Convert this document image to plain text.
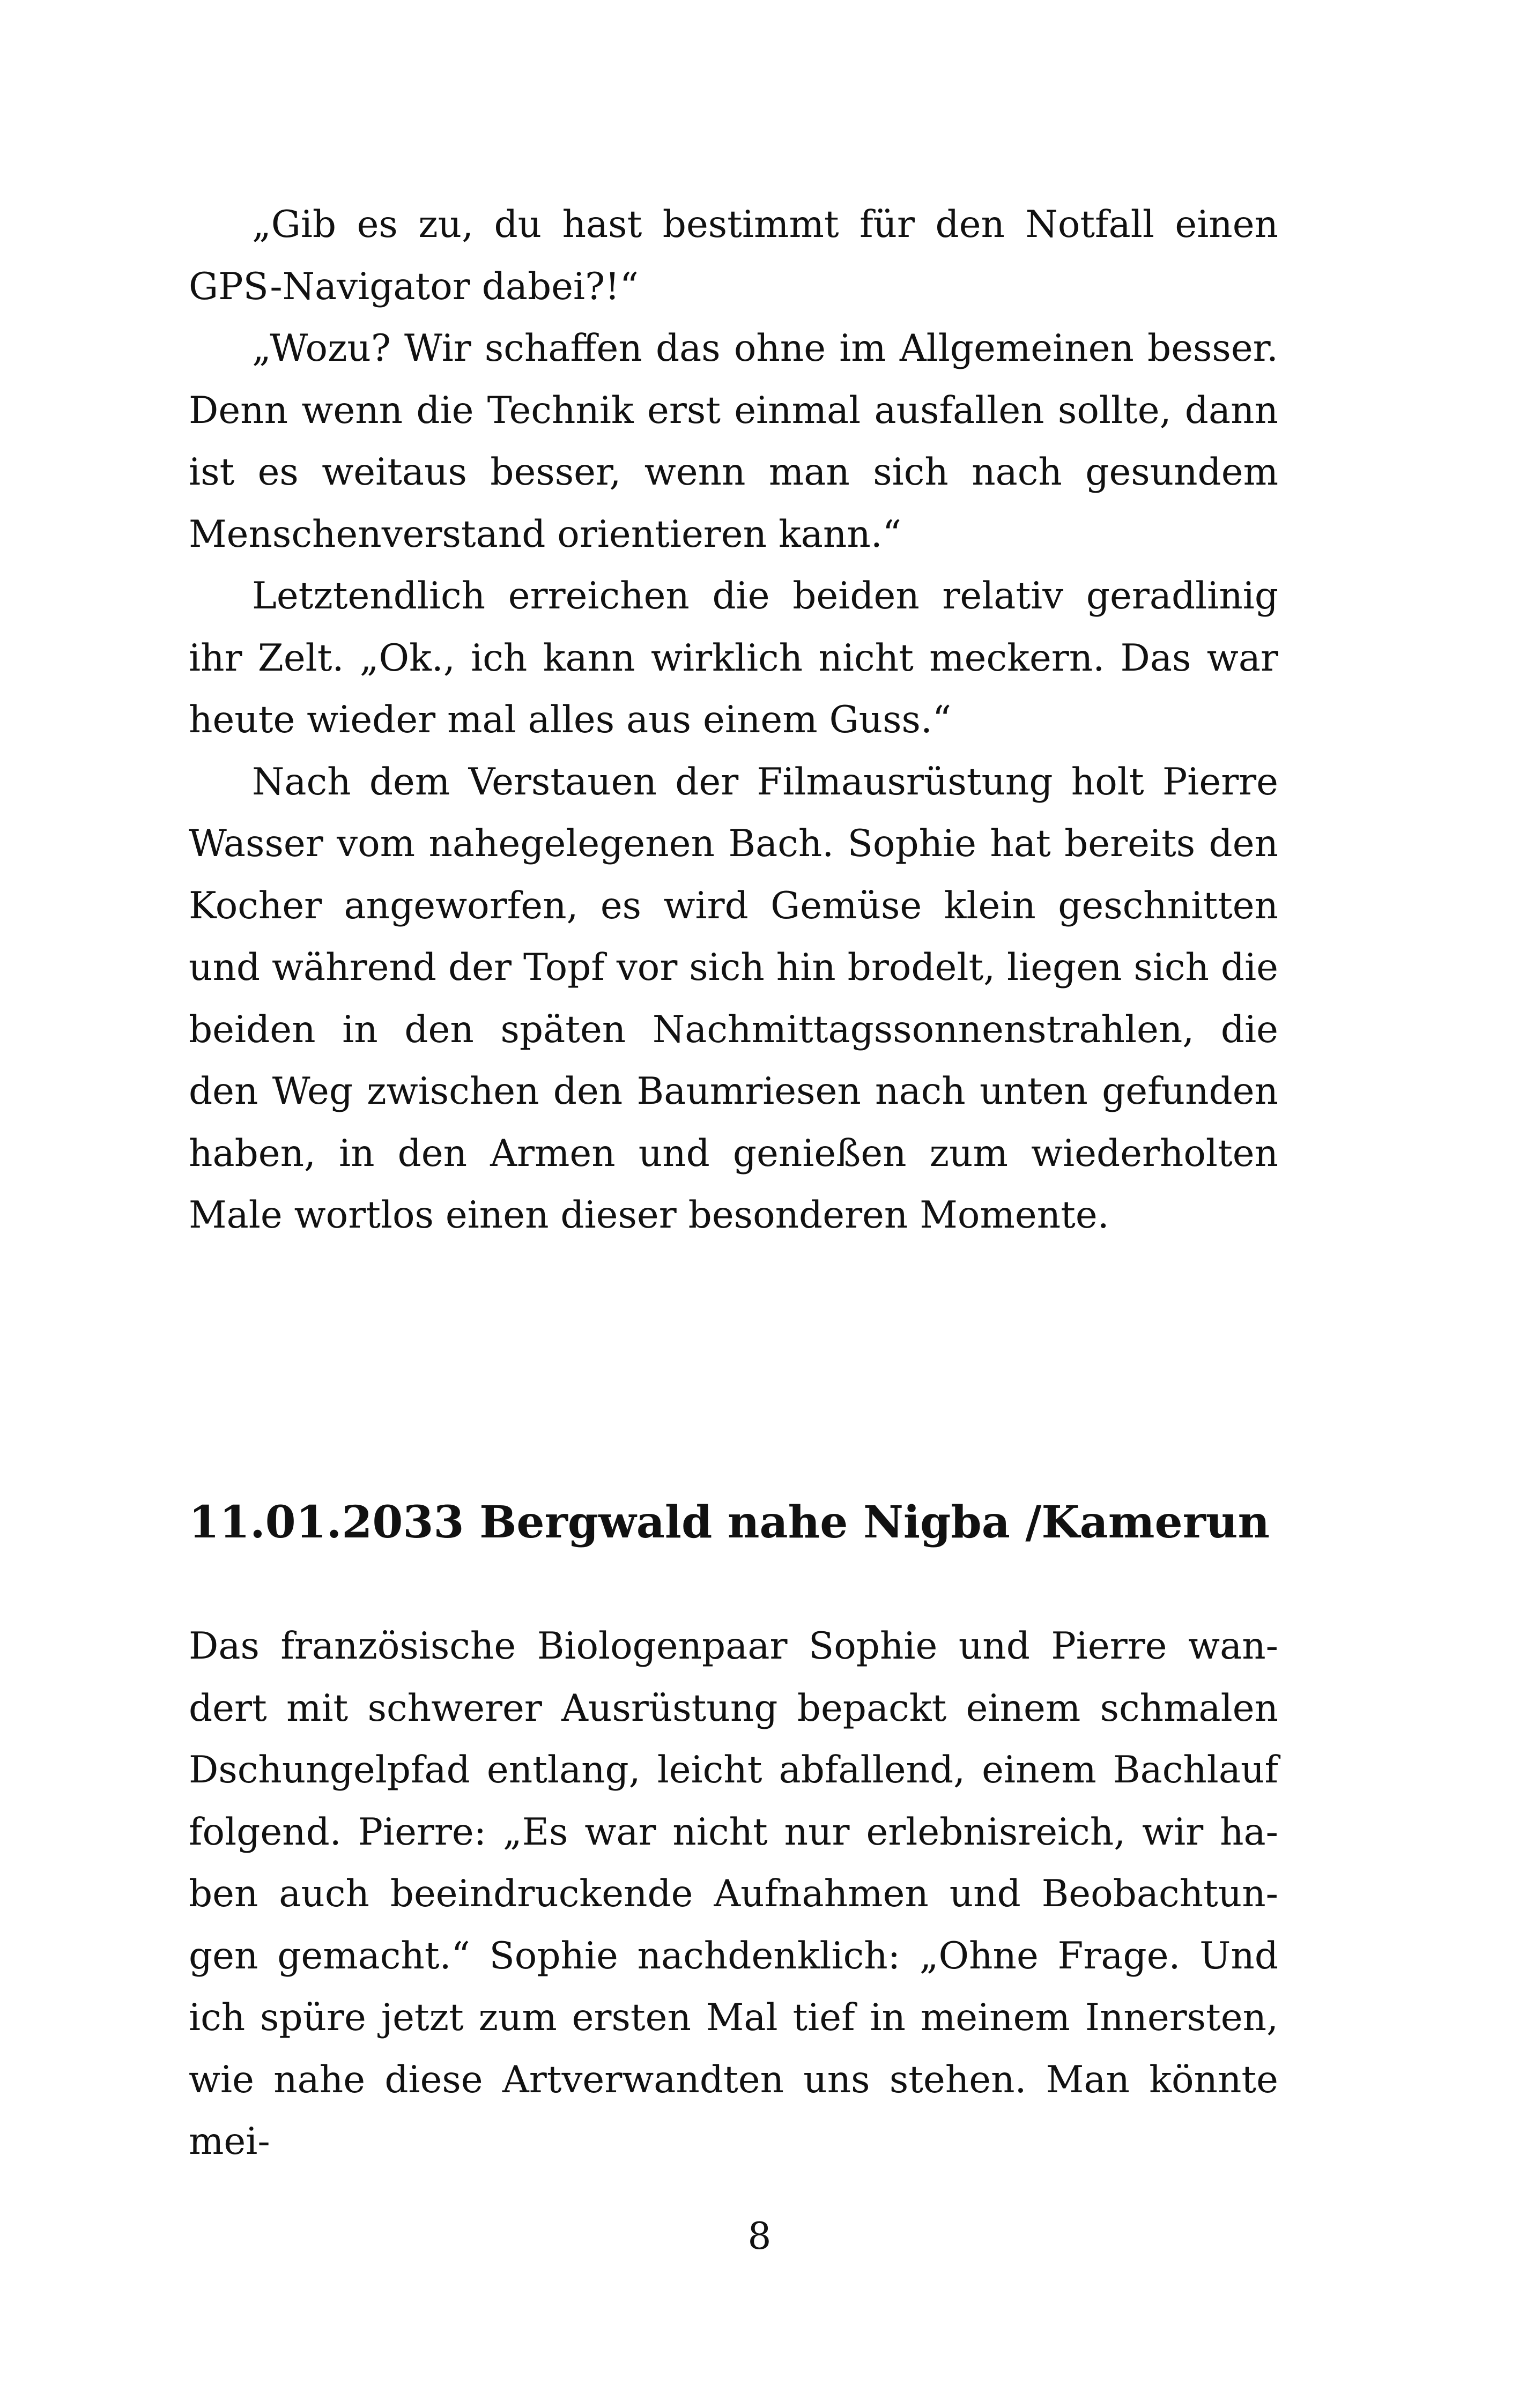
„Gib es zu, du hast bestimmt für den Notfall einen GPS-Navigator dabei?!“

„Wozu? Wir schaffen das ohne im Allgemeinen besser. Denn wenn die Technik erst einmal ausfallen sollte, dann ist es weitaus besser, wenn man sich nach gesundem Menschenverstand orientieren kann.“

Letztendlich erreichen die beiden relativ geradlinig ihr Zelt. „Ok., ich kann wirklich nicht meckern. Das war heute wieder mal alles aus einem Guss.“

Nach dem Verstauen der Filmausrüstung holt Pierre Wasser vom nahegelegenen Bach. Sophie hat bereits den Kocher angeworfen, es wird Gemüse klein geschnitten und während der Topf vor sich hin brodelt, liegen sich die beiden in den späten Nachmittagssonnenstrahlen, die den Weg zwischen den Baumriesen nach unten gefunden haben, in den Armen und genießen zum wiederholten Male wortlos einen dieser besonderen Momente.

11.01.2033 Bergwald nahe Nigba /Kamerun

Das französische Biologenpaar Sophie und Pierre wandert mit schwerer Ausrüstung bepackt einem schmalen Dschungelpfad entlang, leicht abfallend, einem Bachlauf folgend. Pierre: „Es war nicht nur erlebnisreich, wir haben auch beeindruckende Aufnahmen und Beobachtungen gemacht.“ Sophie nachdenklich: „Ohne Frage. Und ich spüre jetzt zum ersten Mal tief in meinem Innersten, wie nahe diese Artverwandten uns stehen. Man könnte mei-

8
